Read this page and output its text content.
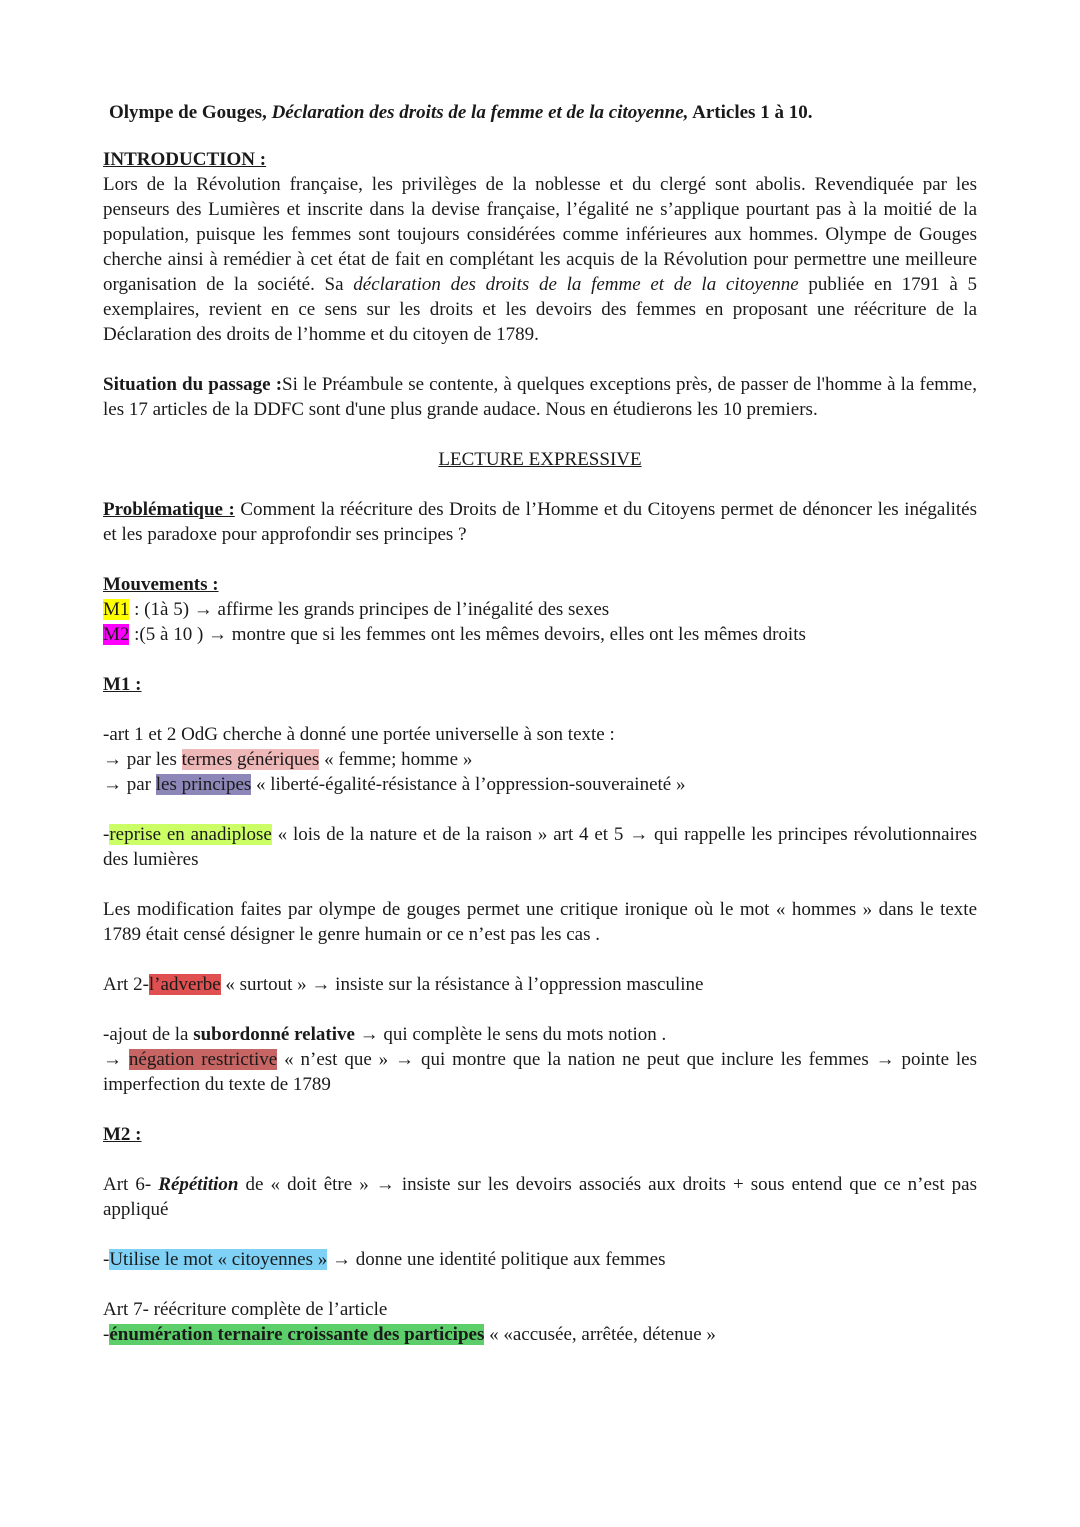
Olympe de Gouges, Déclaration des droits de la femme et de la citoyenne, Articles 1 à 10.
INTRODUCTION :

Lors de la Révolution française, les privilèges de la noblesse et du clergé sont abolis. Revendiquée par les penseurs des Lumières et inscrite dans la devise française, l’égalité ne s’applique pourtant pas à la moitié de la population, puisque les femmes sont toujours considérées comme inférieures aux hommes. Olympe de Gouges cherche ainsi à remédier à cet état de fait en complétant les acquis de la Révolution pour permettre une meilleure organisation de la société. Sa déclaration des droits de la femme et de la citoyenne publiée en 1791 à 5 exemplaires, revient en ce sens sur les droits et les devoirs des femmes en proposant une réécriture de la Déclaration des droits de l’homme et du citoyen de 1789.

Situation du passage :Si le Préambule se contente, à quelques exceptions près, de passer de l'homme à la femme, les 17 articles de la DDFC sont d'une plus grande audace. Nous en étudierons les 10 premiers.

LECTURE EXPRESSIVE

Problématique : Comment la réécriture des Droits de l’Homme et du Citoyens permet de dénoncer les inégalités et les paradoxe pour approfondir ses principes ?

Mouvements :
M1 : (1à 5) → affirme les grands principes de l’inégalité des sexes
M2 :(5 à 10 ) → montre que si les femmes ont les mêmes devoirs, elles ont les mêmes droits
M1 :
-art 1 et 2 OdG cherche à donné une portée universelle à son texte :
→ par les termes génériques « femme; homme »
→ par les principes « liberté-égalité-résistance à l’oppression-souveraineté »

-reprise en anadiplose « lois de la nature et de la raison » art 4 et 5 → qui rappelle les principes révolutionnaires des lumières

Les modification faites par olympe de gouges permet une critique ironique où le mot « hommes » dans le texte 1789 était censé désigner le genre humain or ce n’est pas les cas .

Art 2-l’adverbe « surtout » → insiste sur la résistance à l’oppression masculine

-ajout de la subordonné relative → qui complète le sens du mots notion .

→ négation restrictive « n’est que » → qui montre que la nation ne peut que inclure les femmes → pointe les imperfection du texte de 1789

M2 :

Art 6- Répétition de « doit être » → insiste sur les devoirs associés aux droits + sous entend que ce n’est pas appliqué

-Utilise le mot « citoyennes » → donne une identité politique aux femmes

Art 7- réécriture complète de l’article
-énumération ternaire croissante des participes « «accusée, arrêtée, détenue »
